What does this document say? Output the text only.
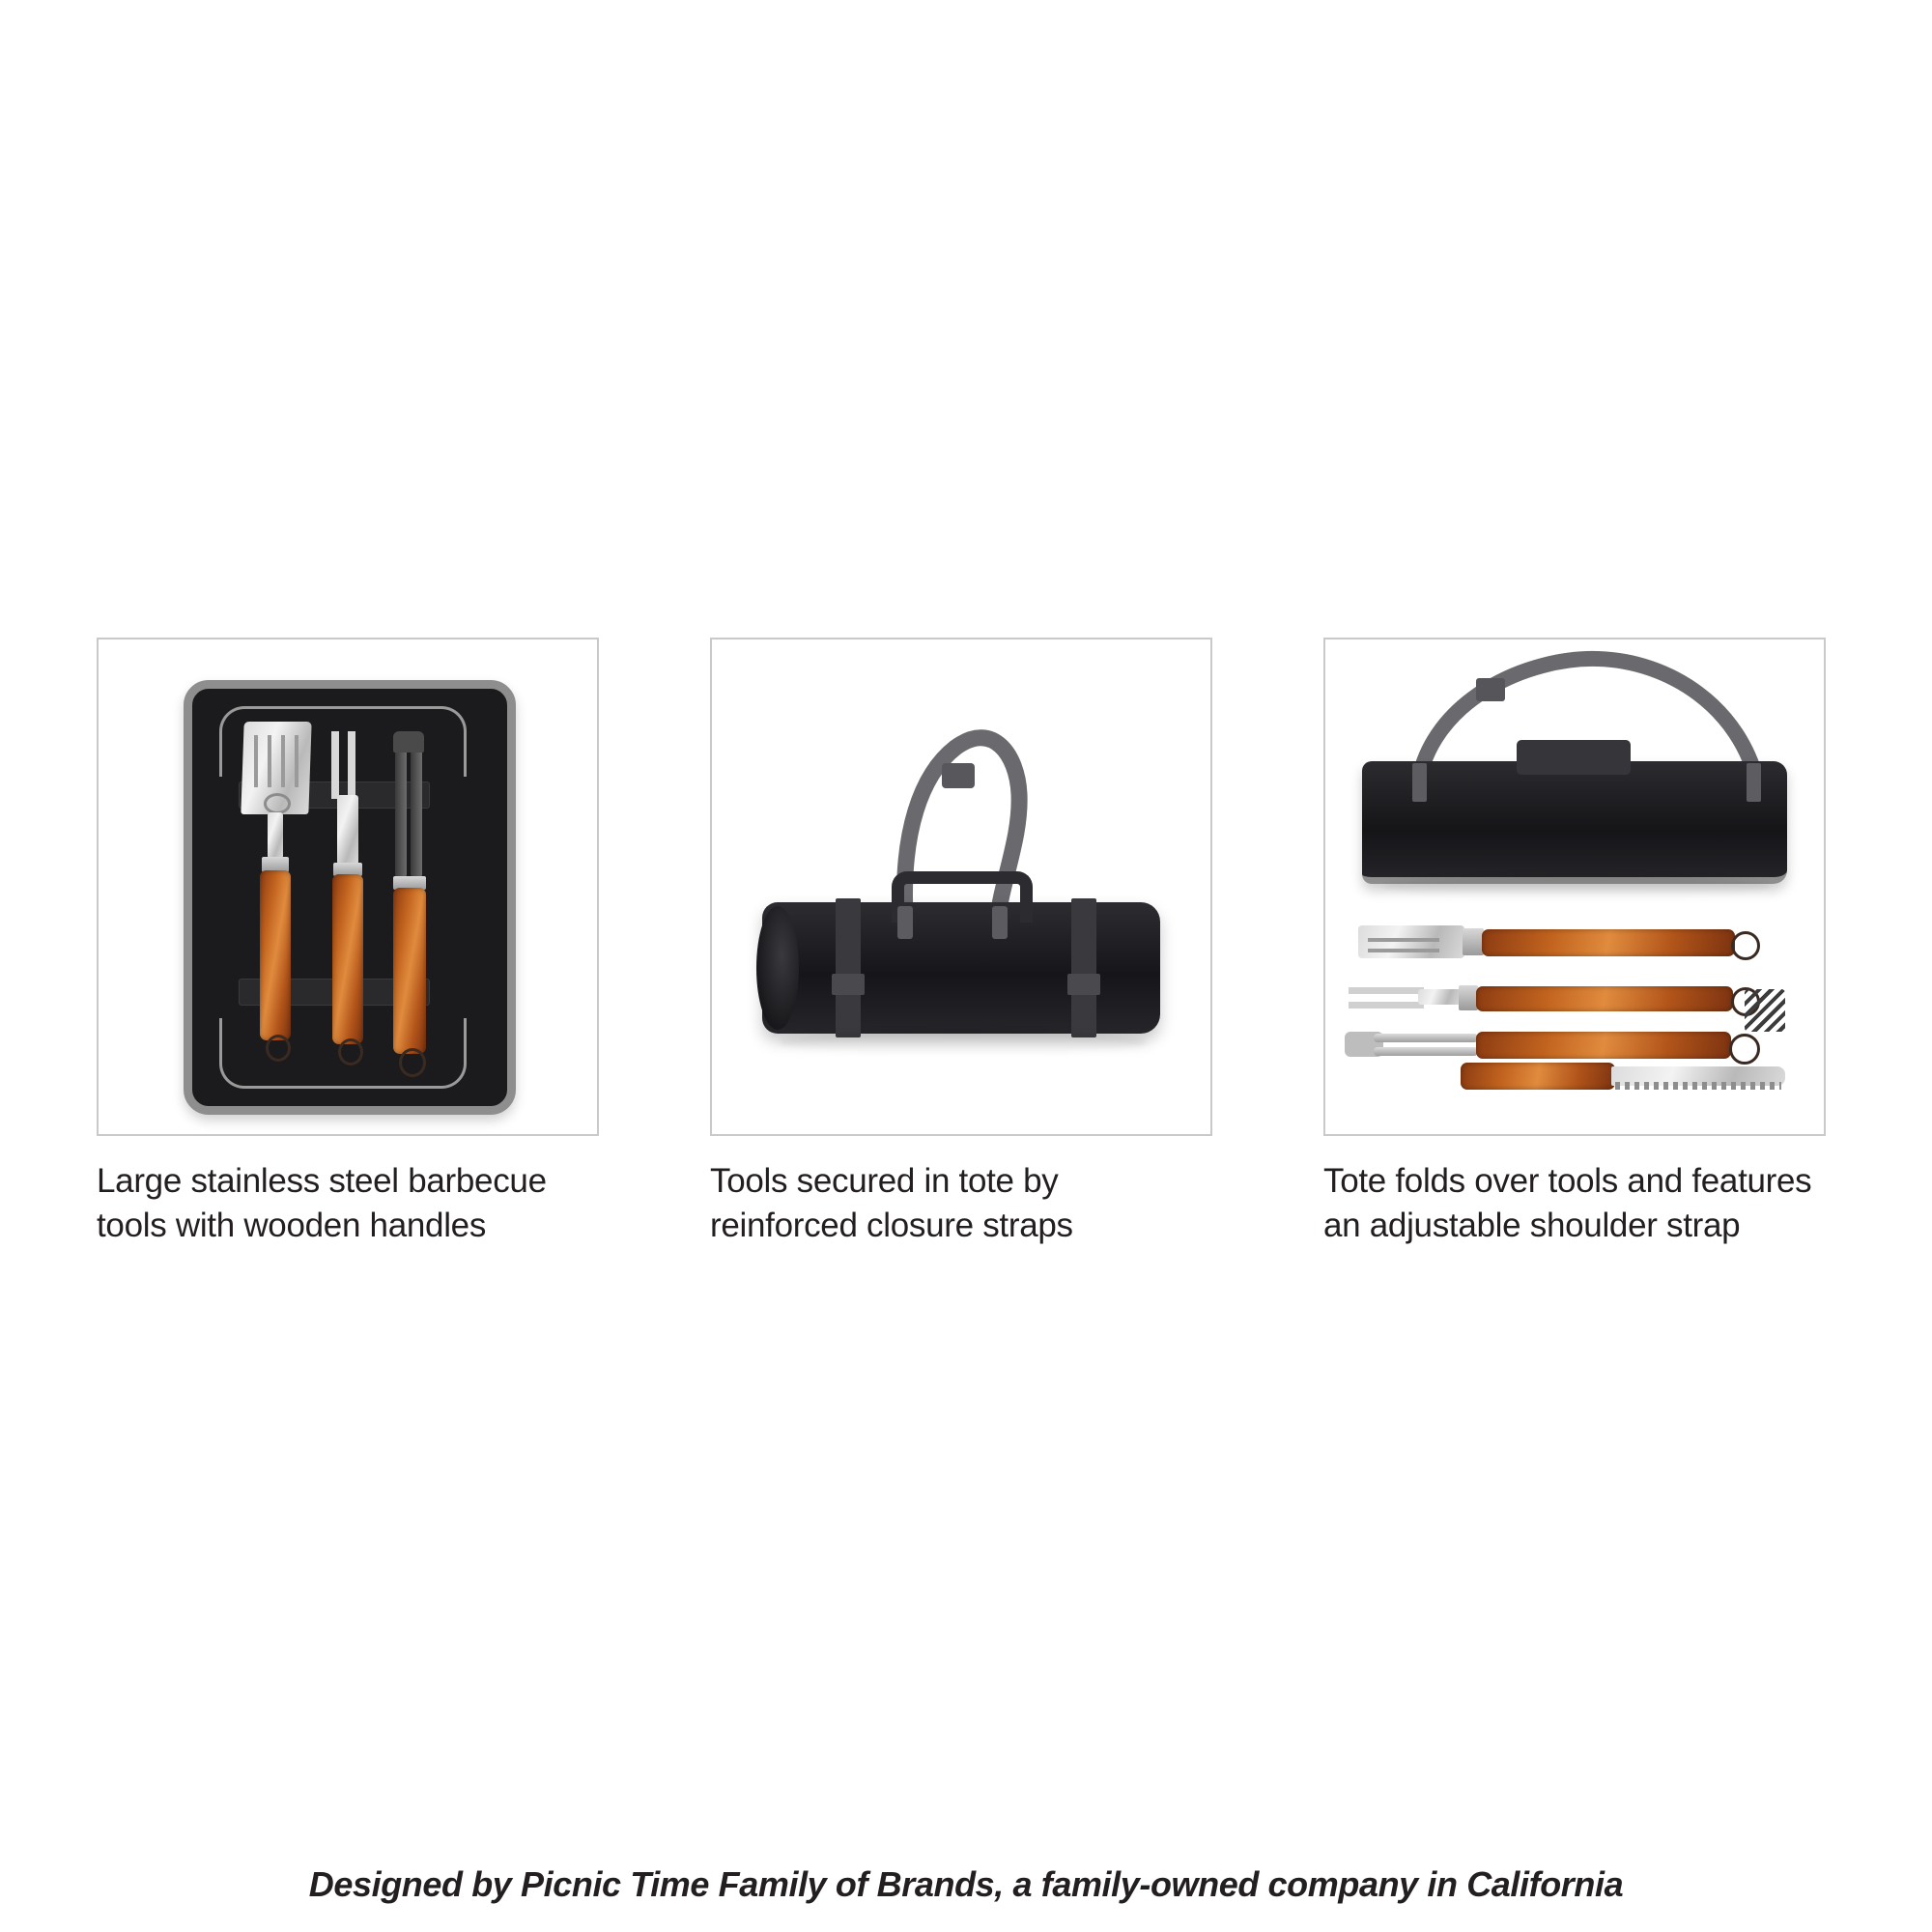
Large stainless steel barbecue
tools with wooden handles
Tools secured in tote by
reinforced closure straps
Tote folds over tools and features
an adjustable shoulder strap
Designed by Picnic Time Family of Brands, a family-owned company in California
